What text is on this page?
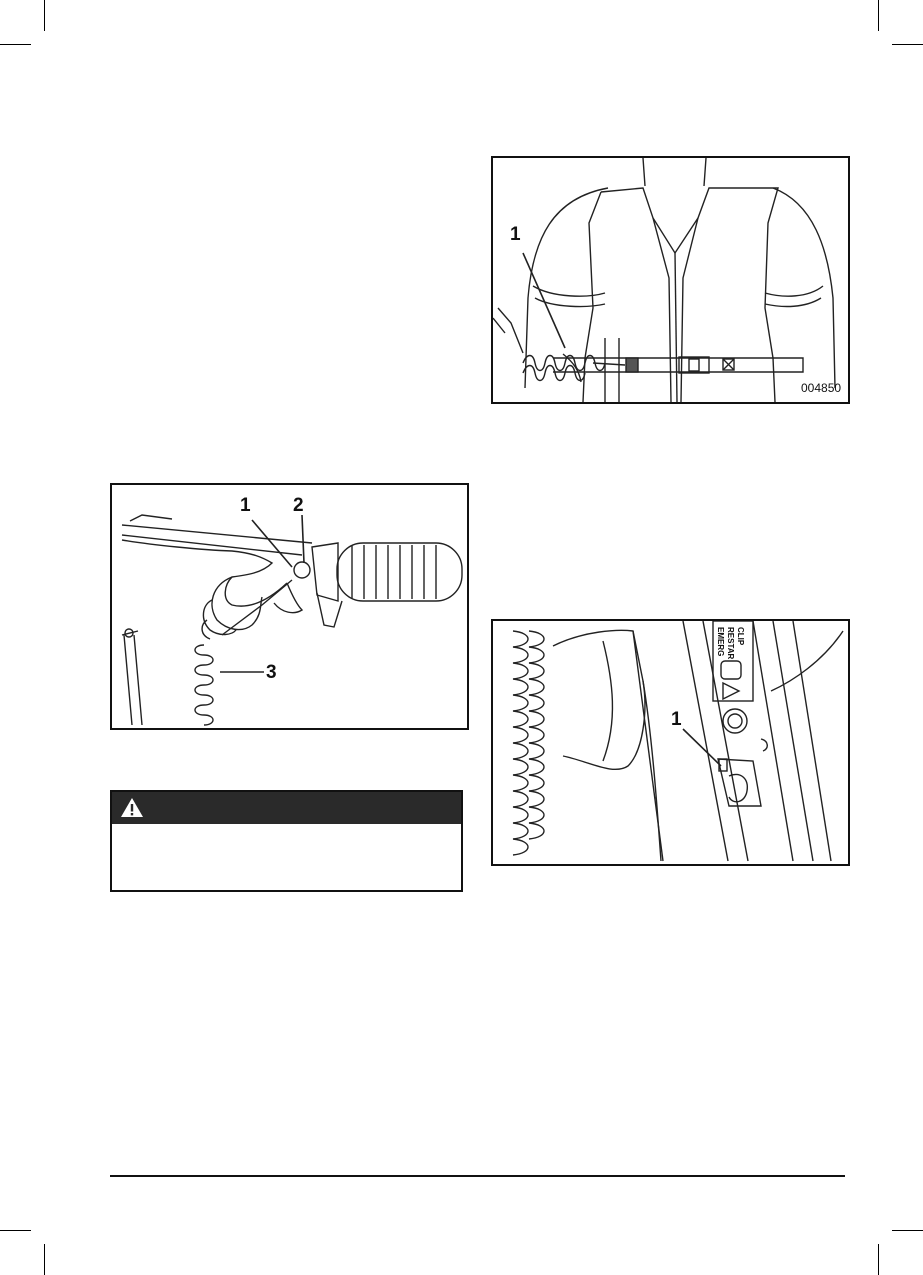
1
004850
1 2
3
1
EMERG RESTAR CLIP
